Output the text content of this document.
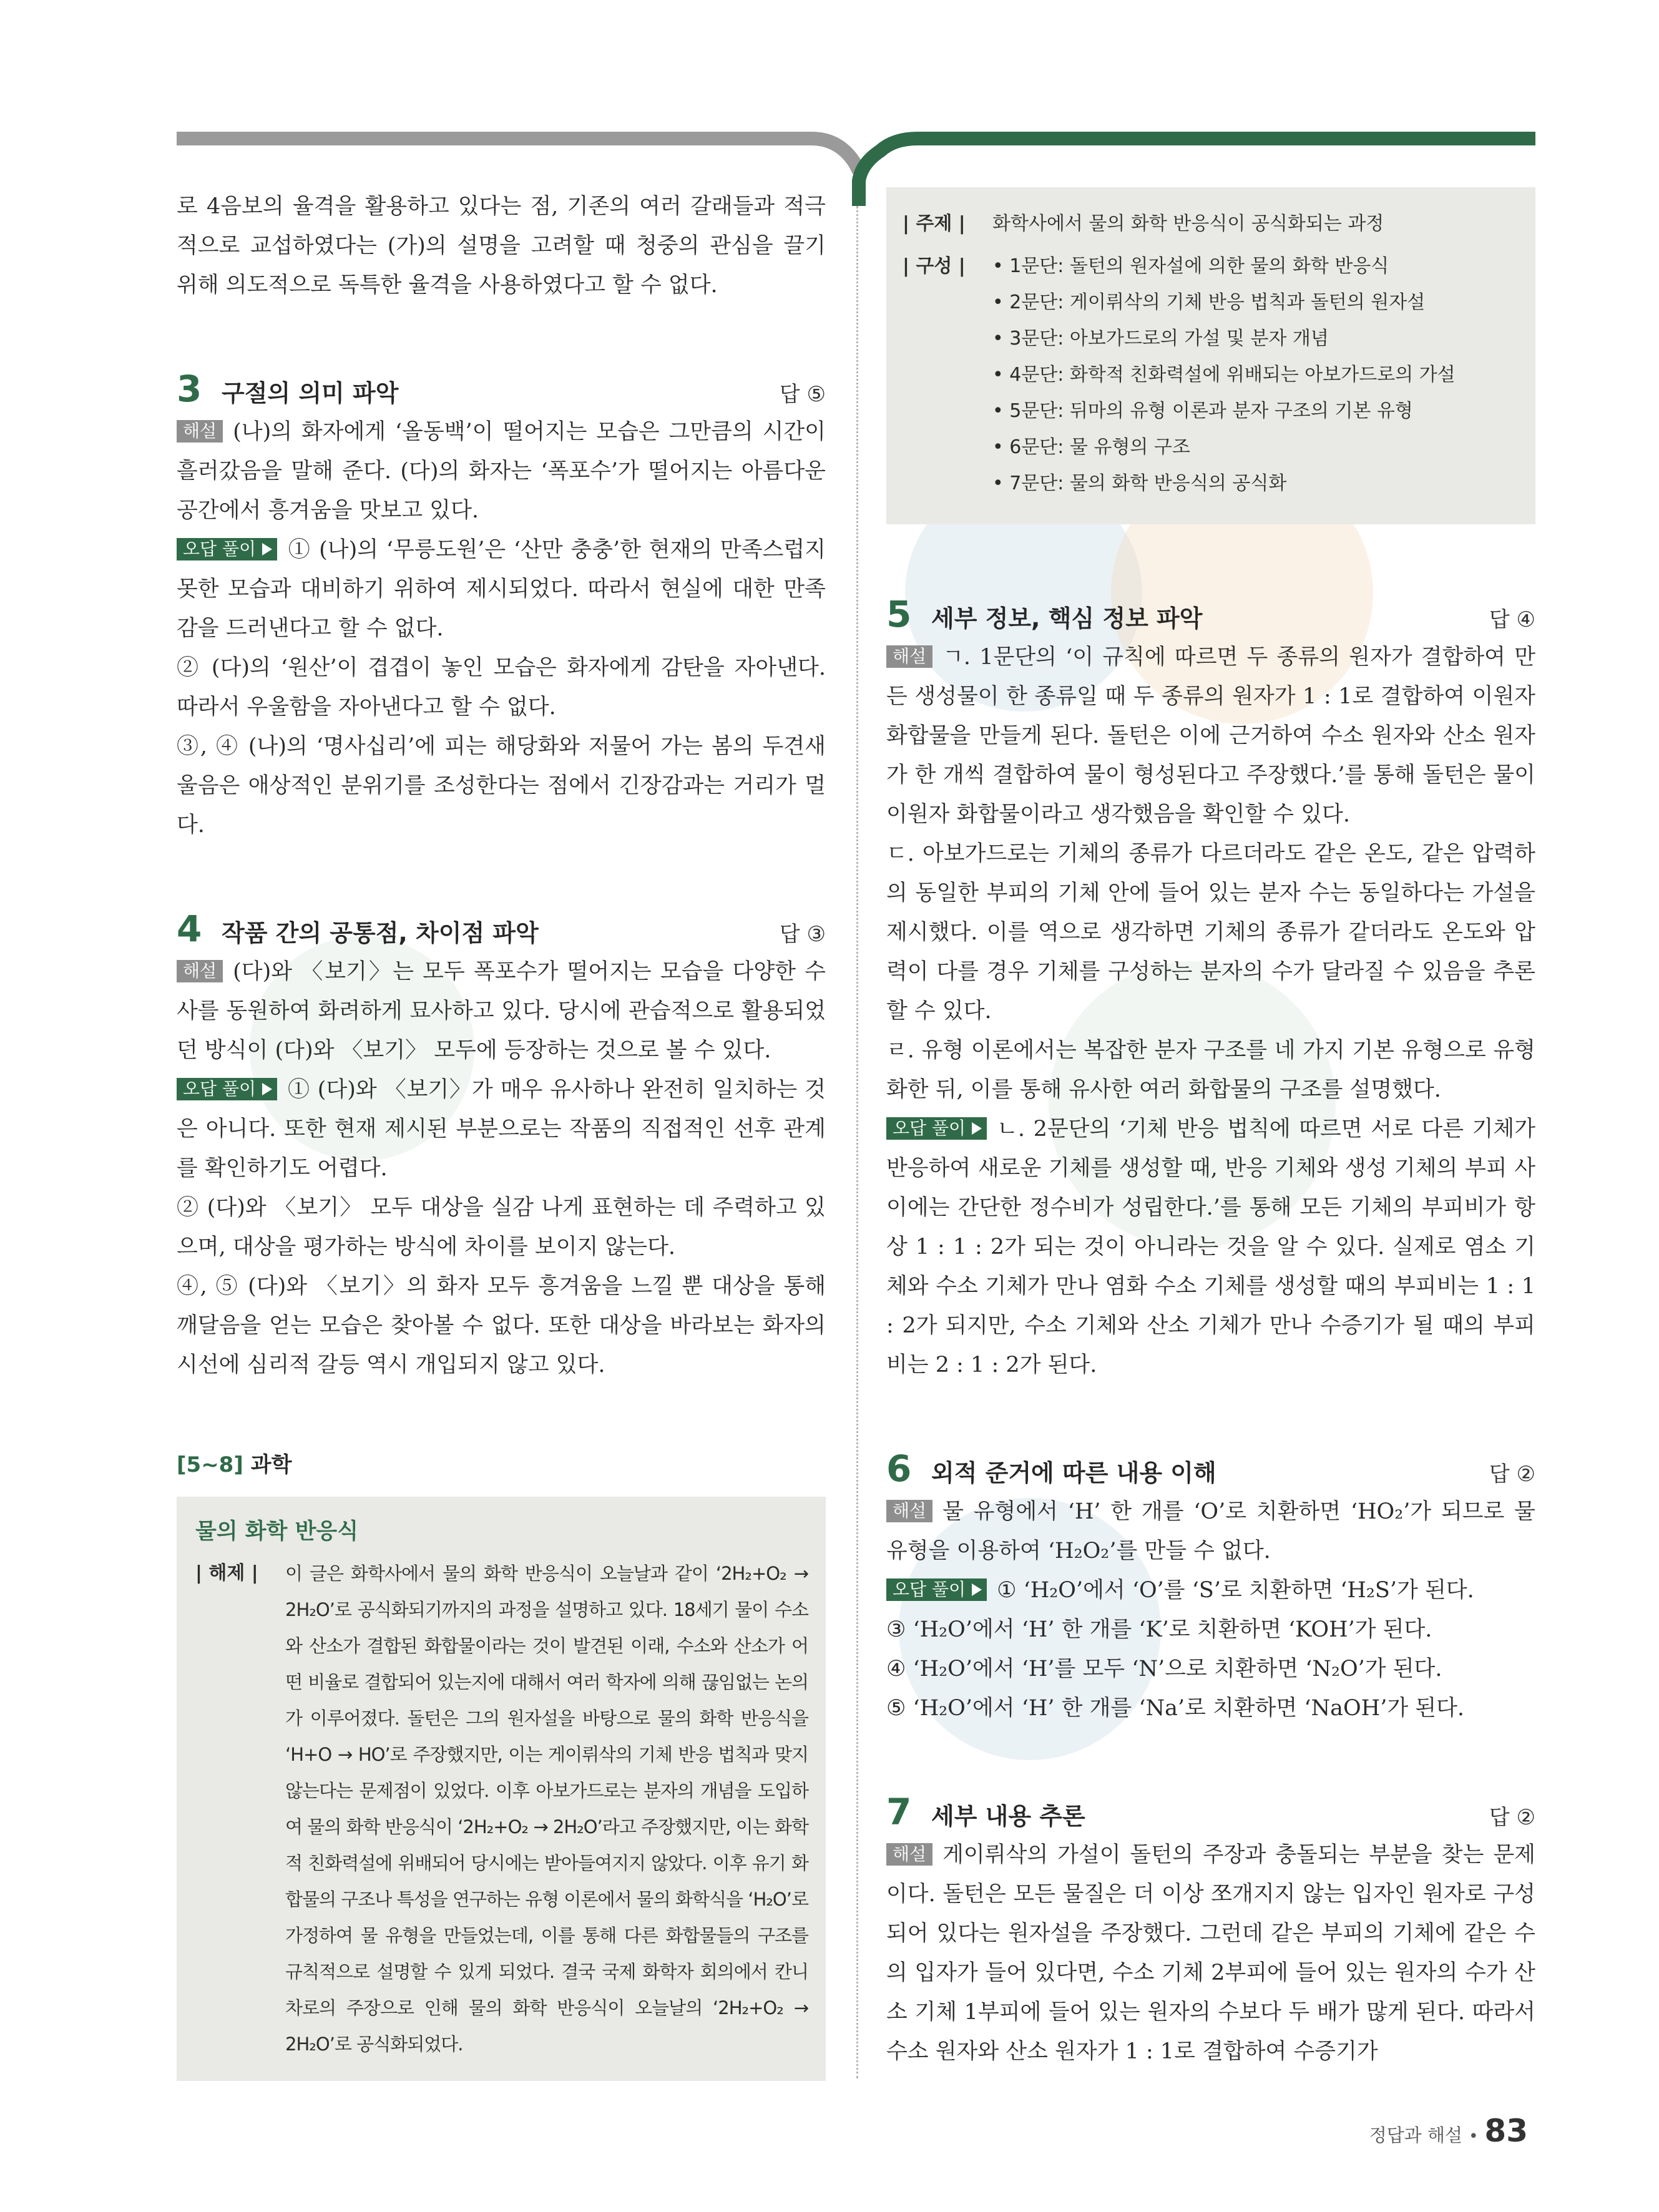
로 4음보의 율격을 활용하고 있다는 점, 기존의 여러 갈래들과 적극적으로 교섭하였다는 (가)의 설명을 고려할 때 청중의 관심을 끌기 위해 의도적으로 독특한 율격을 사용하였다고 할 수 없다.

3 구절의 의미 파악	답 ⑤

해설 (나)의 화자에게 ‘올동백’이 떨어지는 모습은 그만큼의 시간이 흘러갔음을 말해 준다. (다)의 화자는 ‘폭포수’가 떨어지는 아름다운 공간에서 흥겨움을 맛보고 있다.

오답 풀이 ① (나)의 ‘무릉도원’은 ‘산만 충충’한 현재의 만족스럽지 못한 모습과 대비하기 위하여 제시되었다. 따라서 현실에 대한 만족감을 드러낸다고 할 수 없다.

② (다)의 ‘원산’이 겹겹이 놓인 모습은 화자에게 감탄을 자아낸다. 따라서 우울함을 자아낸다고 할 수 없다.

③, ④ (나)의 ‘명사십리’에 피는 해당화와 저물어 가는 봄의 두견새 울음은 애상적인 분위기를 조성한다는 점에서 긴장감과는 거리가 멀다.

4 작품 간의 공통점, 차이점 파악	답 ③

해설 (다)와 〈보기〉는 모두 폭포수가 떨어지는 모습을 다양한 수사를 동원하여 화려하게 묘사하고 있다. 당시에 관습적으로 활용되었던 방식이 (다)와 〈보기〉 모두에 등장하는 것으로 볼 수 있다.

오답 풀이 ① (다)와 〈보기〉가 매우 유사하나 완전히 일치하는 것은 아니다. 또한 현재 제시된 부분으로는 작품의 직접적인 선후 관계를 확인하기도 어렵다.

② (다)와 〈보기〉 모두 대상을 실감 나게 표현하는 데 주력하고 있으며, 대상을 평가하는 방식에 차이를 보이지 않는다.

④, ⑤ (다)와 〈보기〉의 화자 모두 흥겨움을 느낄 뿐 대상을 통해 깨달음을 얻는 모습은 찾아볼 수 없다. 또한 대상을 바라보는 화자의 시선에 심리적 갈등 역시 개입되지 않고 있다.

[5~8] 과학
물의 화학 반응식
| 해제 |	이 글은 화학사에서 물의 화학 반응식이 오늘날과 같이 ‘2H₂+O₂ → 2H₂O’로 공식화되기까지의 과정을 설명하고 있다. 18세기 물이 수소와 산소가 결합된 화합물이라는 것이 발견된 이래, 수소와 산소가 어떤 비율로 결합되어 있는지에 대해서 여러 학자에 의해 끊임없는 논의가 이루어졌다. 돌턴은 그의 원자설을 바탕으로 물의 화학 반응식을 ‘H+O → HO’로 주장했지만, 이는 게이뤼삭의 기체 반응 법칙과 맞지 않는다는 문제점이 있었다. 이후 아보가드로는 분자의 개념을 도입하여 물의 화학 반응식이 ‘2H₂+O₂ → 2H₂O’라고 주장했지만, 이는 화학적 친화력설에 위배되어 당시에는 받아들여지지 않았다. 이후 유기 화합물의 구조나 특성을 연구하는 유형 이론에서 물의 화학식을 ‘H₂O’로 가정하여 물 유형을 만들었는데, 이를 통해 다른 화합물들의 구조를 규칙적으로 설명할 수 있게 되었다. 결국 국제 화학자 회의에서 칸니차로의 주장으로 인해 물의 화학 반응식이 오늘날의 ‘2H₂+O₂ → 2H₂O’로 공식화되었다.
| 주제 |	화학사에서 물의 화학 반응식이 공식화되는 과정
| 구성 |	• 1문단: 돌턴의 원자설에 의한 물의 화학 반응식
• 2문단: 게이뤼삭의 기체 반응 법칙과 돌턴의 원자설
• 3문단: 아보가드로의 가설 및 분자 개념
• 4문단: 화학적 친화력설에 위배되는 아보가드로의 가설
• 5문단: 뒤마의 유형 이론과 분자 구조의 기본 유형
• 6문단: 물 유형의 구조
• 7문단: 물의 화학 반응식의 공식화
5 세부 정보, 핵심 정보 파악	답 ④

해설 ㄱ. 1문단의 ‘이 규칙에 따르면 두 종류의 원자가 결합하여 만든 생성물이 한 종류일 때 두 종류의 원자가 1 : 1로 결합하여 이원자 화합물을 만들게 된다. 돌턴은 이에 근거하여 수소 원자와 산소 원자가 한 개씩 결합하여 물이 형성된다고 주장했다.’를 통해 돌턴은 물이 이원자 화합물이라고 생각했음을 확인할 수 있다.

ㄷ. 아보가드로는 기체의 종류가 다르더라도 같은 온도, 같은 압력하의 동일한 부피의 기체 안에 들어 있는 분자 수는 동일하다는 가설을 제시했다. 이를 역으로 생각하면 기체의 종류가 같더라도 온도와 압력이 다를 경우 기체를 구성하는 분자의 수가 달라질 수 있음을 추론할 수 있다.

ㄹ. 유형 이론에서는 복잡한 분자 구조를 네 가지 기본 유형으로 유형화한 뒤, 이를 통해 유사한 여러 화합물의 구조를 설명했다.

오답 풀이 ㄴ. 2문단의 ‘기체 반응 법칙에 따르면 서로 다른 기체가 반응하여 새로운 기체를 생성할 때, 반응 기체와 생성 기체의 부피 사이에는 간단한 정수비가 성립한다.’를 통해 모든 기체의 부피비가 항상 1 : 1 : 2가 되는 것이 아니라는 것을 알 수 있다. 실제로 염소 기체와 수소 기체가 만나 염화 수소 기체를 생성할 때의 부피비는 1 : 1 : 2가 되지만, 수소 기체와 산소 기체가 만나 수증기가 될 때의 부피비는 2 : 1 : 2가 된다.

6 외적 준거에 따른 내용 이해	답 ②

해설 물 유형에서 ‘H’ 한 개를 ‘O’로 치환하면 ‘HO₂’가 되므로 물 유형을 이용하여 ‘H₂O₂’를 만들 수 없다.

오답 풀이 ① ‘H₂O’에서 ‘O’를 ‘S’로 치환하면 ‘H₂S’가 된다.

③ ‘H₂O’에서 ‘H’ 한 개를 ‘K’로 치환하면 ‘KOH’가 된다.

④ ‘H₂O’에서 ‘H’를 모두 ‘N’으로 치환하면 ‘N₂O’가 된다.

⑤ ‘H₂O’에서 ‘H’ 한 개를 ‘Na’로 치환하면 ‘NaOH’가 된다.

7 세부 내용 추론	답 ②

해설 게이뤼삭의 가설이 돌턴의 주장과 충돌되는 부분을 찾는 문제이다. 돌턴은 모든 물질은 더 이상 쪼개지지 않는 입자인 원자로 구성되어 있다는 원자설을 주장했다. 그런데 같은 부피의 기체에 같은 수의 입자가 들어 있다면, 수소 기체 2부피에 들어 있는 원자의 수가 산소 기체 1부피에 들어 있는 원자의 수보다 두 배가 많게 된다. 따라서 수소 원자와 산소 원자가 1 : 1로 결합하여 수증기가

정답과 해설 • 83
